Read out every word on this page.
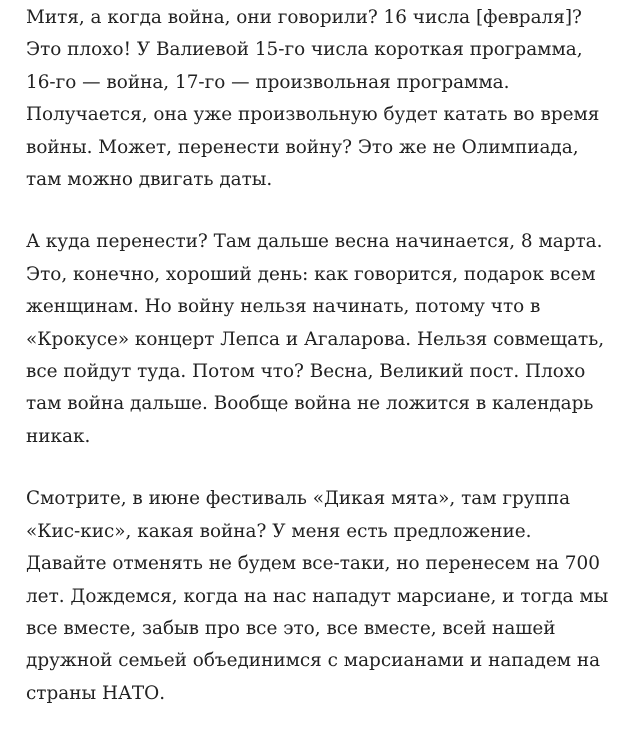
Митя, а когда война, они говорили? 16 числа [февраля]?
Это плохо! У Валиевой 15-го числа короткая программа,
16-го — война, 17-го — произвольная программа.
Получается, она уже произвольную будет катать во время
войны. Может, перенести войну? Это же не Олимпиада,
там можно двигать даты.

А куда перенести? Там дальше весна начинается, 8 марта.
Это, конечно, хороший день: как говорится, подарок всем
женщинам. Но войну нельзя начинать, потому что в
«Крокусе» концерт Лепса и Агаларова. Нельзя совмещать,
все пойдут туда. Потом что? Весна, Великий пост. Плохо
там война дальше. Вообще война не ложится в календарь
никак.

Смотрите, в июне фестиваль «Дикая мята», там группа
«Кис-кис», какая война? У меня есть предложение.
Давайте отменять не будем все-таки, но перенесем на 700
лет. Дождемся, когда на нас нападут марсиане, и тогда мы
все вместе, забыв про все это, все вместе, всей нашей
дружной семьей объединимся с марсианами и нападем на
страны НАТО.
